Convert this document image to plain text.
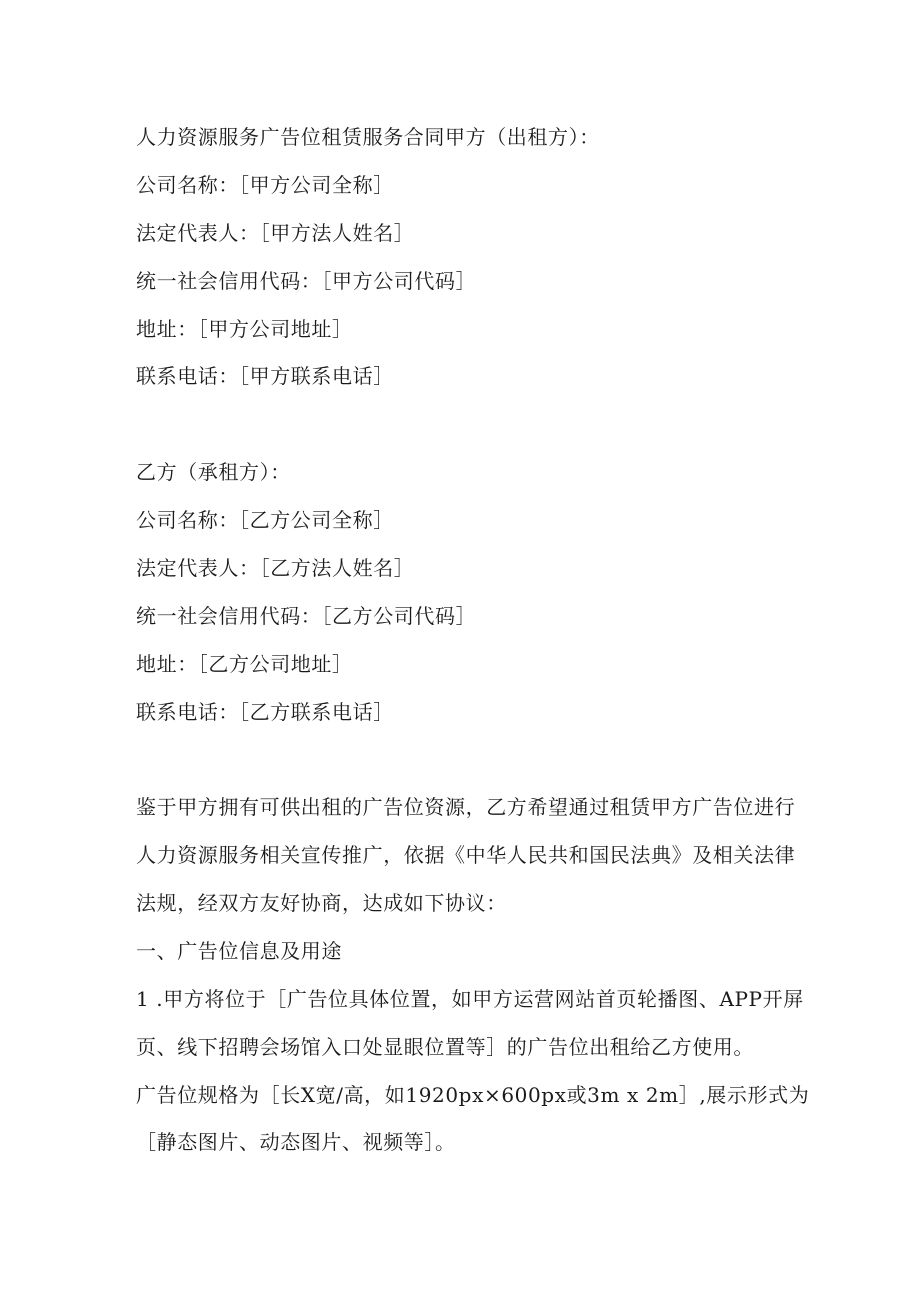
人力资源服务广告位租赁服务合同甲方（出租方）：
公司名称：［甲方公司全称］
法定代表人：［甲方法人姓名］
统一社会信用代码：［甲方公司代码］
地址：［甲方公司地址］
联系电话：［甲方联系电话］
乙方（承租方）：
公司名称：［乙方公司全称］
法定代表人：［乙方法人姓名］
统一社会信用代码：［乙方公司代码］
地址：［乙方公司地址］
联系电话：［乙方联系电话］
鉴于甲方拥有可供出租的广告位资源，乙方希望通过租赁甲方广告位进行
人力资源服务相关宣传推广，依据《中华人民共和国民法典》及相关法律
法规，经双方友好协商，达成如下协议：
一、广告位信息及用途
1 .甲方将位于［广告位具体位置，如甲方运营网站首页轮播图、APP开屏
页、线下招聘会场馆入口处显眼位置等］的广告位出租给乙方使用。
广告位规格为［长X宽/高，如1920px×600px或3m x 2m］,展示形式为
［静态图片、动态图片、视频等］。
